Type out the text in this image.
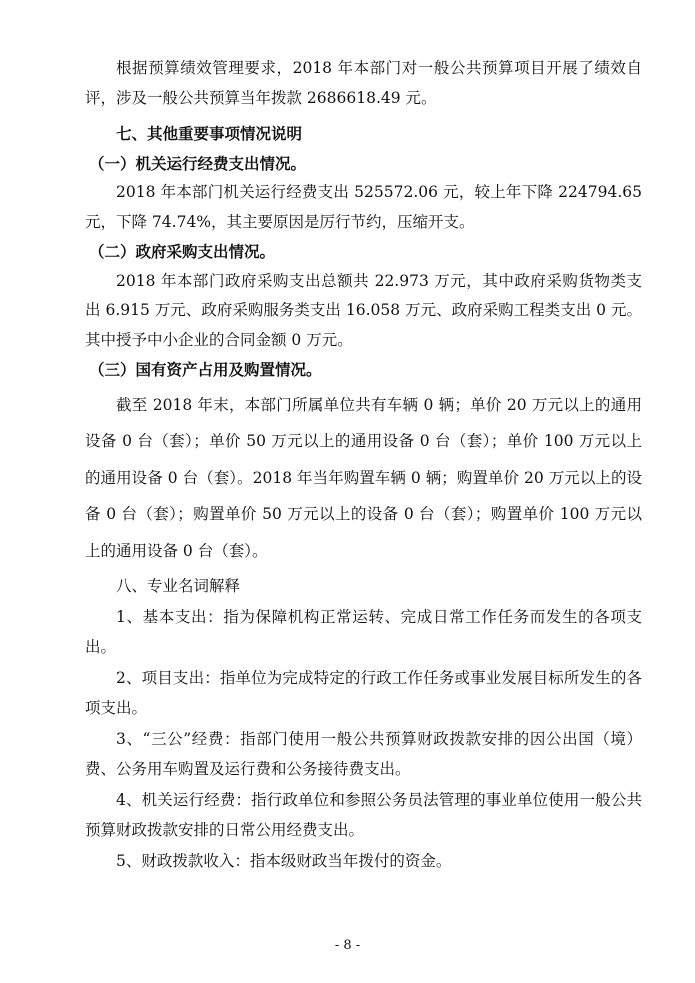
根据预算绩效管理要求，2018 年本部门对一般公共预算项目开展了绩效自评，涉及一般公共预算当年拨款 2686618.49 元。

七、其他重要事项情况说明

（一）机关运行经费支出情况。

2018 年本部门机关运行经费支出 525572.06 元，较上年下降 224794.65 元，下降 74.74%，其主要原因是厉行节约，压缩开支。

（二）政府采购支出情况。

2018 年本部门政府采购支出总额共 22.973 万元，其中政府采购货物类支出 6.915 万元、政府采购服务类支出 16.058 万元、政府采购工程类支出 0 元。其中授予中小企业的合同金额 0 万元。

（三）国有资产占用及购置情况。

截至 2018 年末，本部门所属单位共有车辆 0 辆；单价 20 万元以上的通用设备 0 台（套）；单价 50 万元以上的通用设备 0 台（套）；单价 100 万元以上的通用设备 0 台（套）。2018 年当年购置车辆 0 辆；购置单价 20 万元以上的设备 0 台（套）；购置单价 50 万元以上的设备 0 台（套）；购置单价 100 万元以上的通用设备 0 台（套）。

八、专业名词解释

1、基本支出：指为保障机构正常运转、完成日常工作任务而发生的各项支出。

2、项目支出：指单位为完成特定的行政工作任务或事业发展目标所发生的各项支出。

3、“三公”经费：指部门使用一般公共预算财政拨款安排的因公出国（境）费、公务用车购置及运行费和公务接待费支出。

4、机关运行经费：指行政单位和参照公务员法管理的事业单位使用一般公共预算财政拨款安排的日常公用经费支出。

5、财政拨款收入：指本级财政当年拨付的资金。

- 8 -
